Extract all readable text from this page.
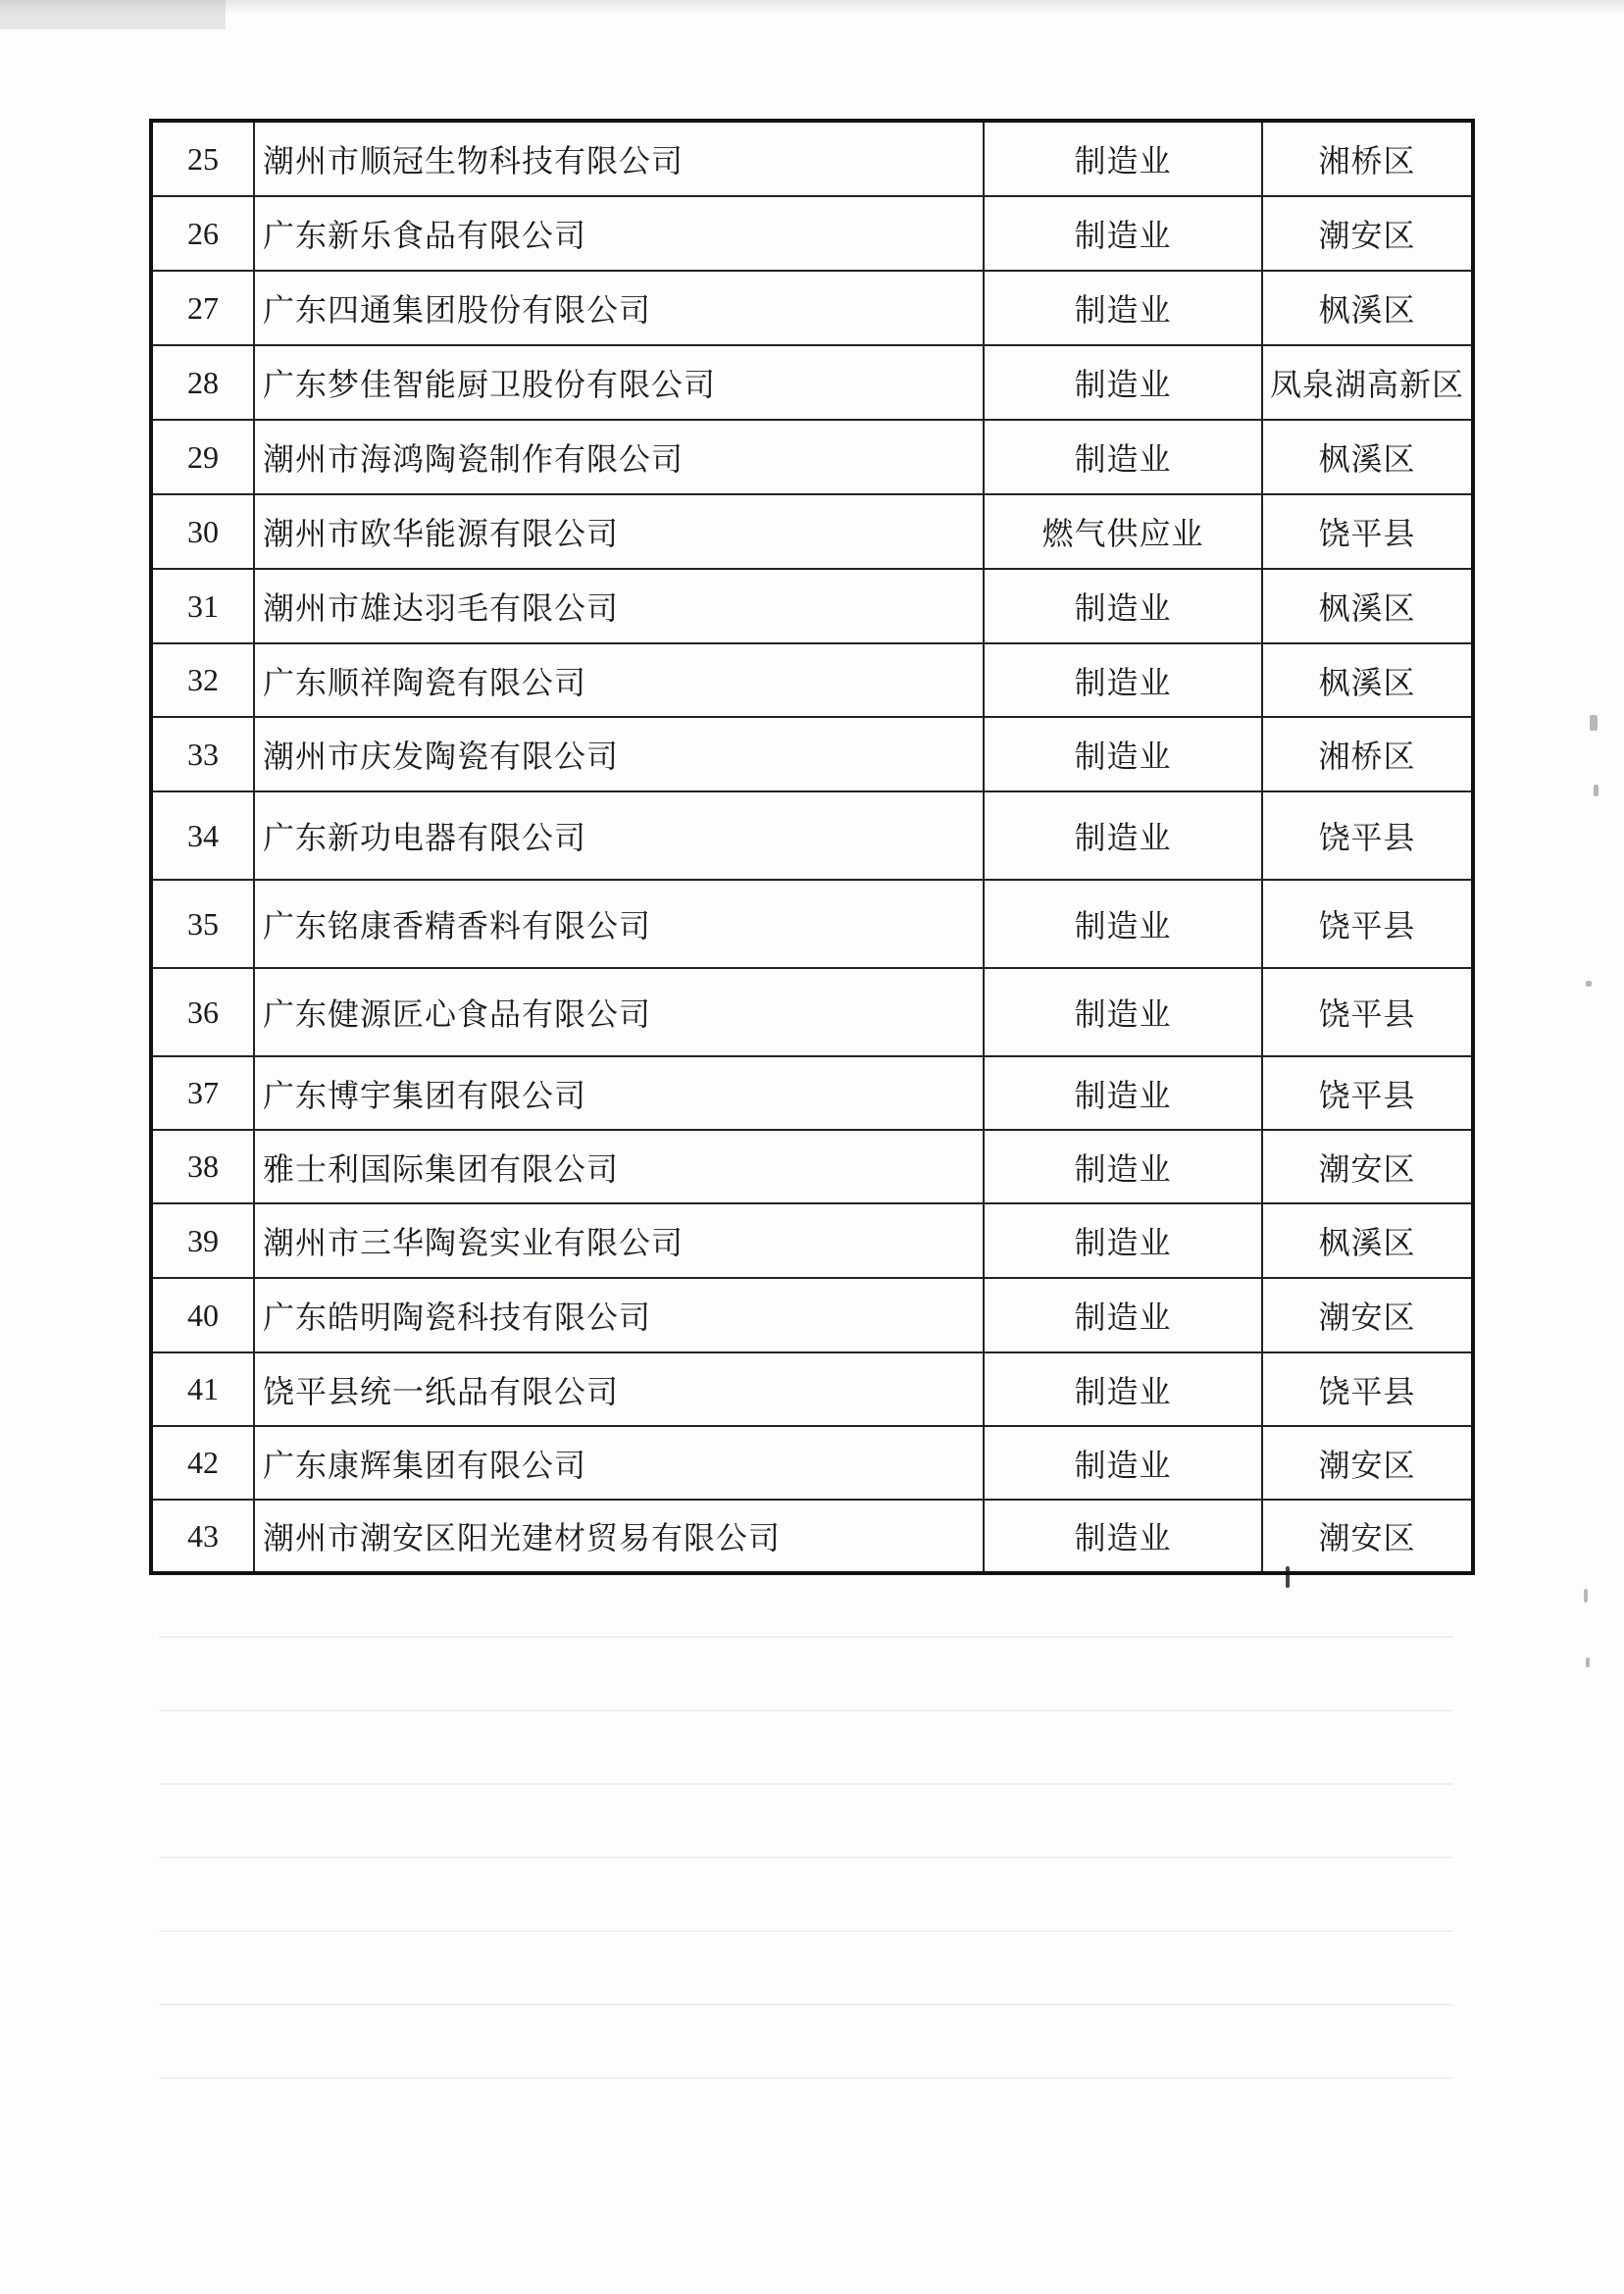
25	潮州市顺冠生物科技有限公司	制造业	湘桥区
26	广东新乐食品有限公司	制造业	潮安区
27	广东四通集团股份有限公司	制造业	枫溪区
28	广东梦佳智能厨卫股份有限公司	制造业	凤泉湖高新区
29	潮州市海鸿陶瓷制作有限公司	制造业	枫溪区
30	潮州市欧华能源有限公司	燃气供应业	饶平县
31	潮州市雄达羽毛有限公司	制造业	枫溪区
32	广东顺祥陶瓷有限公司	制造业	枫溪区
33	潮州市庆发陶瓷有限公司	制造业	湘桥区
34	广东新功电器有限公司	制造业	饶平县
35	广东铭康香精香料有限公司	制造业	饶平县
36	广东健源匠心食品有限公司	制造业	饶平县
37	广东博宇集团有限公司	制造业	饶平县
38	雅士利国际集团有限公司	制造业	潮安区
39	潮州市三华陶瓷实业有限公司	制造业	枫溪区
40	广东皓明陶瓷科技有限公司	制造业	潮安区
41	饶平县统一纸品有限公司	制造业	饶平县
42	广东康辉集团有限公司	制造业	潮安区
43	潮州市潮安区阳光建材贸易有限公司	制造业	潮安区
